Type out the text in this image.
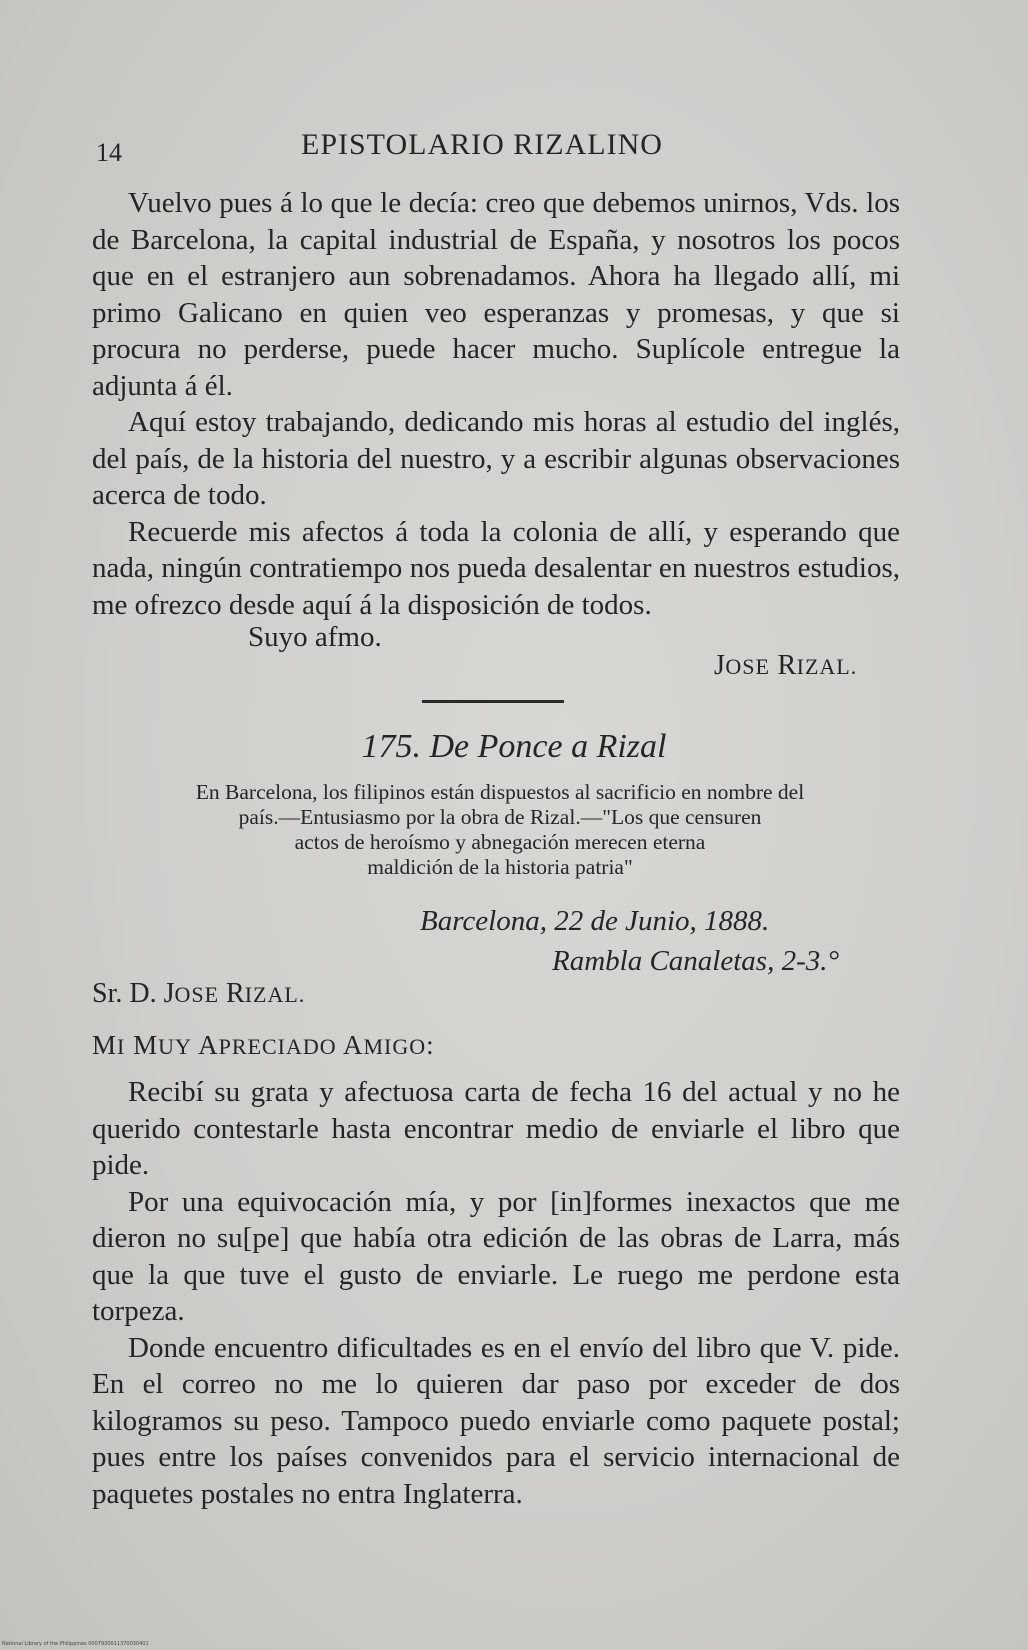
14	EPISTOLARIO RIZALINO

Vuelvo pues á lo que le decía: creo que debemos unirnos, Vds. los de Barcelona, la capital industrial de España, y nosotros los pocos que en el estranjero aun sobrenadamos. Ahora ha llegado allí, mi primo Galicano en quien veo esperanzas y promesas, y que si procura no perderse, puede hacer mucho. Suplícole entregue la adjunta á él.

Aquí estoy trabajando, dedicando mis horas al estudio del inglés, del país, de la historia del nuestro, y a escribir algunas observaciones acerca de todo.

Recuerde mis afectos á toda la colonia de allí, y esperando que nada, ningún contratiempo nos pueda desalentar en nuestros estudios, me ofrezco desde aquí á la disposición de todos.

Suyo afmo.
JOSE RIZAL.
175. De Ponce a Rizal
En Barcelona, los filipinos están dispuestos al sacrificio en nombre del
país.—Entusiasmo por la obra de Rizal.—"Los que censuren
actos de heroísmo y abnegación merecen eterna
maldición de la historia patria"
Barcelona, 22 de Junio, 1888.
Rambla Canaletas, 2-3.°
Sr. D. JOSE RIZAL.
MI MUY APRECIADO AMIGO:

Recibí su grata y afectuosa carta de fecha 16 del actual y no he querido contestarle hasta encontrar medio de enviarle el libro que pide.

Por una equivocación mía, y por [in]formes inexactos que me dieron no su[pe] que había otra edición de las obras de Larra, más que la que tuve el gusto de enviarle. Le ruego me perdone esta torpeza.

Donde encuentro dificultades es en el envío del libro que V. pide. En el correo no me lo quieren dar paso por exceder de dos kilogramos su peso. Tampoco puedo enviarle como paquete postal; pues entre los países convenidos para el servicio internacional de paquetes postales no entra Inglaterra.

National Library of the Philippines 0007930011370030401
